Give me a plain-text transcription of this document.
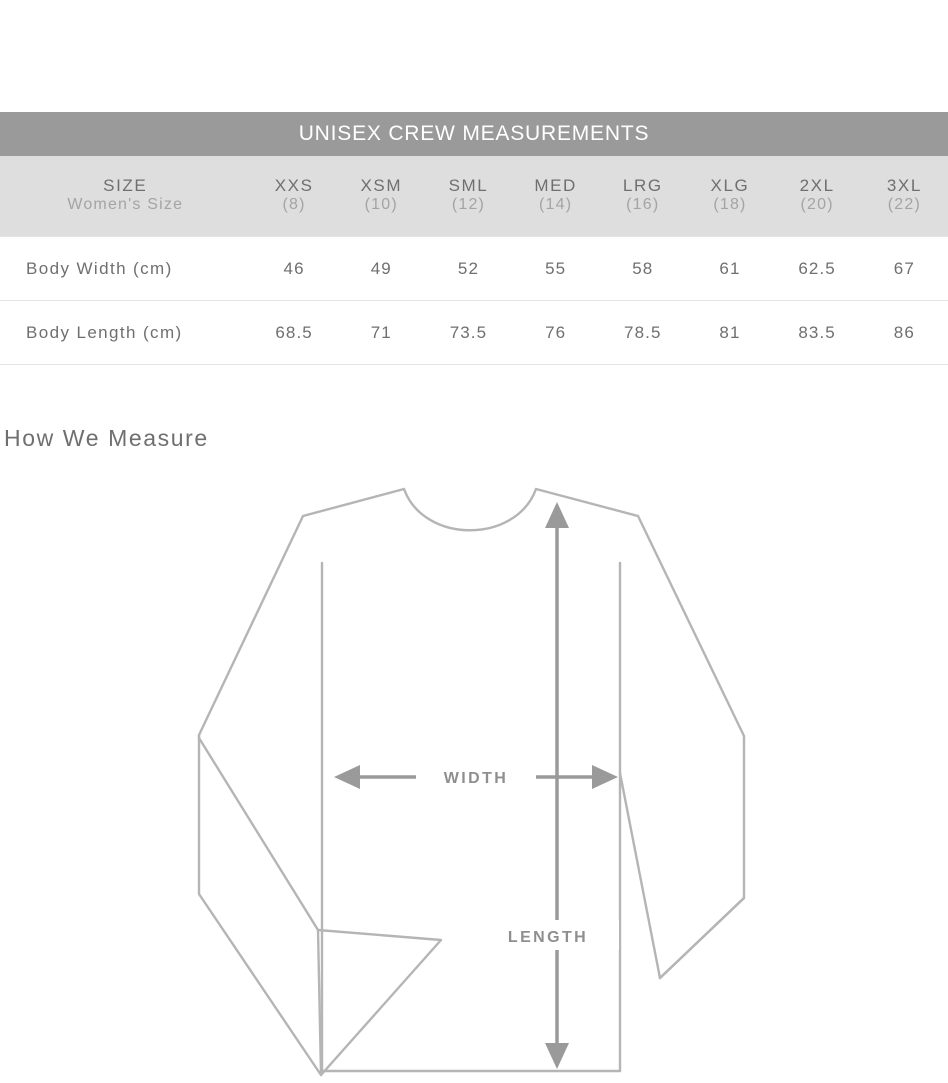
UNISEX CREW MEASUREMENTS								
SIZE	XXS	XSM	SML	MED	LRG	XLG	2XL	3XL
Women's Size	(8)	(10)	(12)	(14)	(16)	(18)	(20)	(22)
Body Width (cm)	46	49	52	55	58	61	62.5	67
Body Length (cm)	68.5	71	73.5	76	78.5	81	83.5	86
How We Measure
WIDTH
LENGTH
